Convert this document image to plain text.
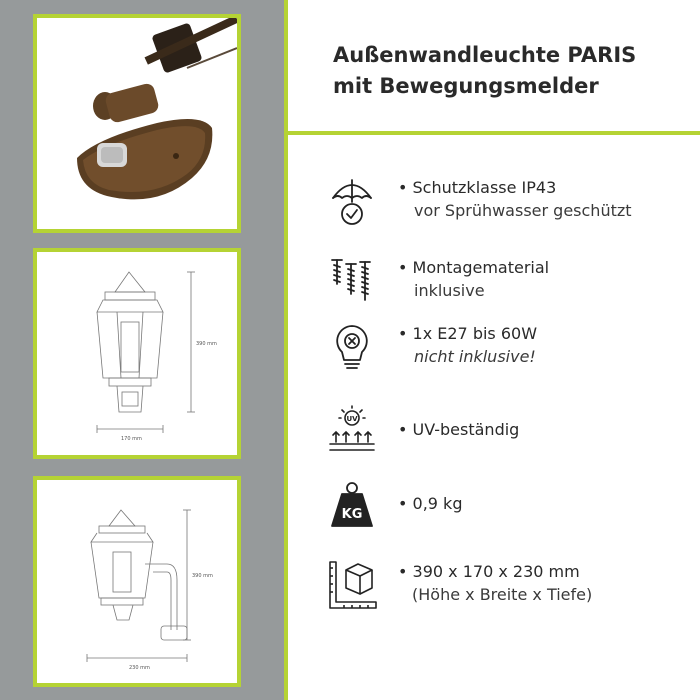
390 mm
170 mm
390 mm
230 mm
Außenwandleuchte PARIS
mit Bewegungsmelder
• Schutzklasse IP43
vor Sprühwasser geschützt
• Montagematerial
inklusive
• 1x E27 bis 60W
nicht inklusive!
UV
• UV-beständig
KG
• 0,9 kg
• 390 x 170 x 230 mm
(Höhe x Breite x Tiefe)
